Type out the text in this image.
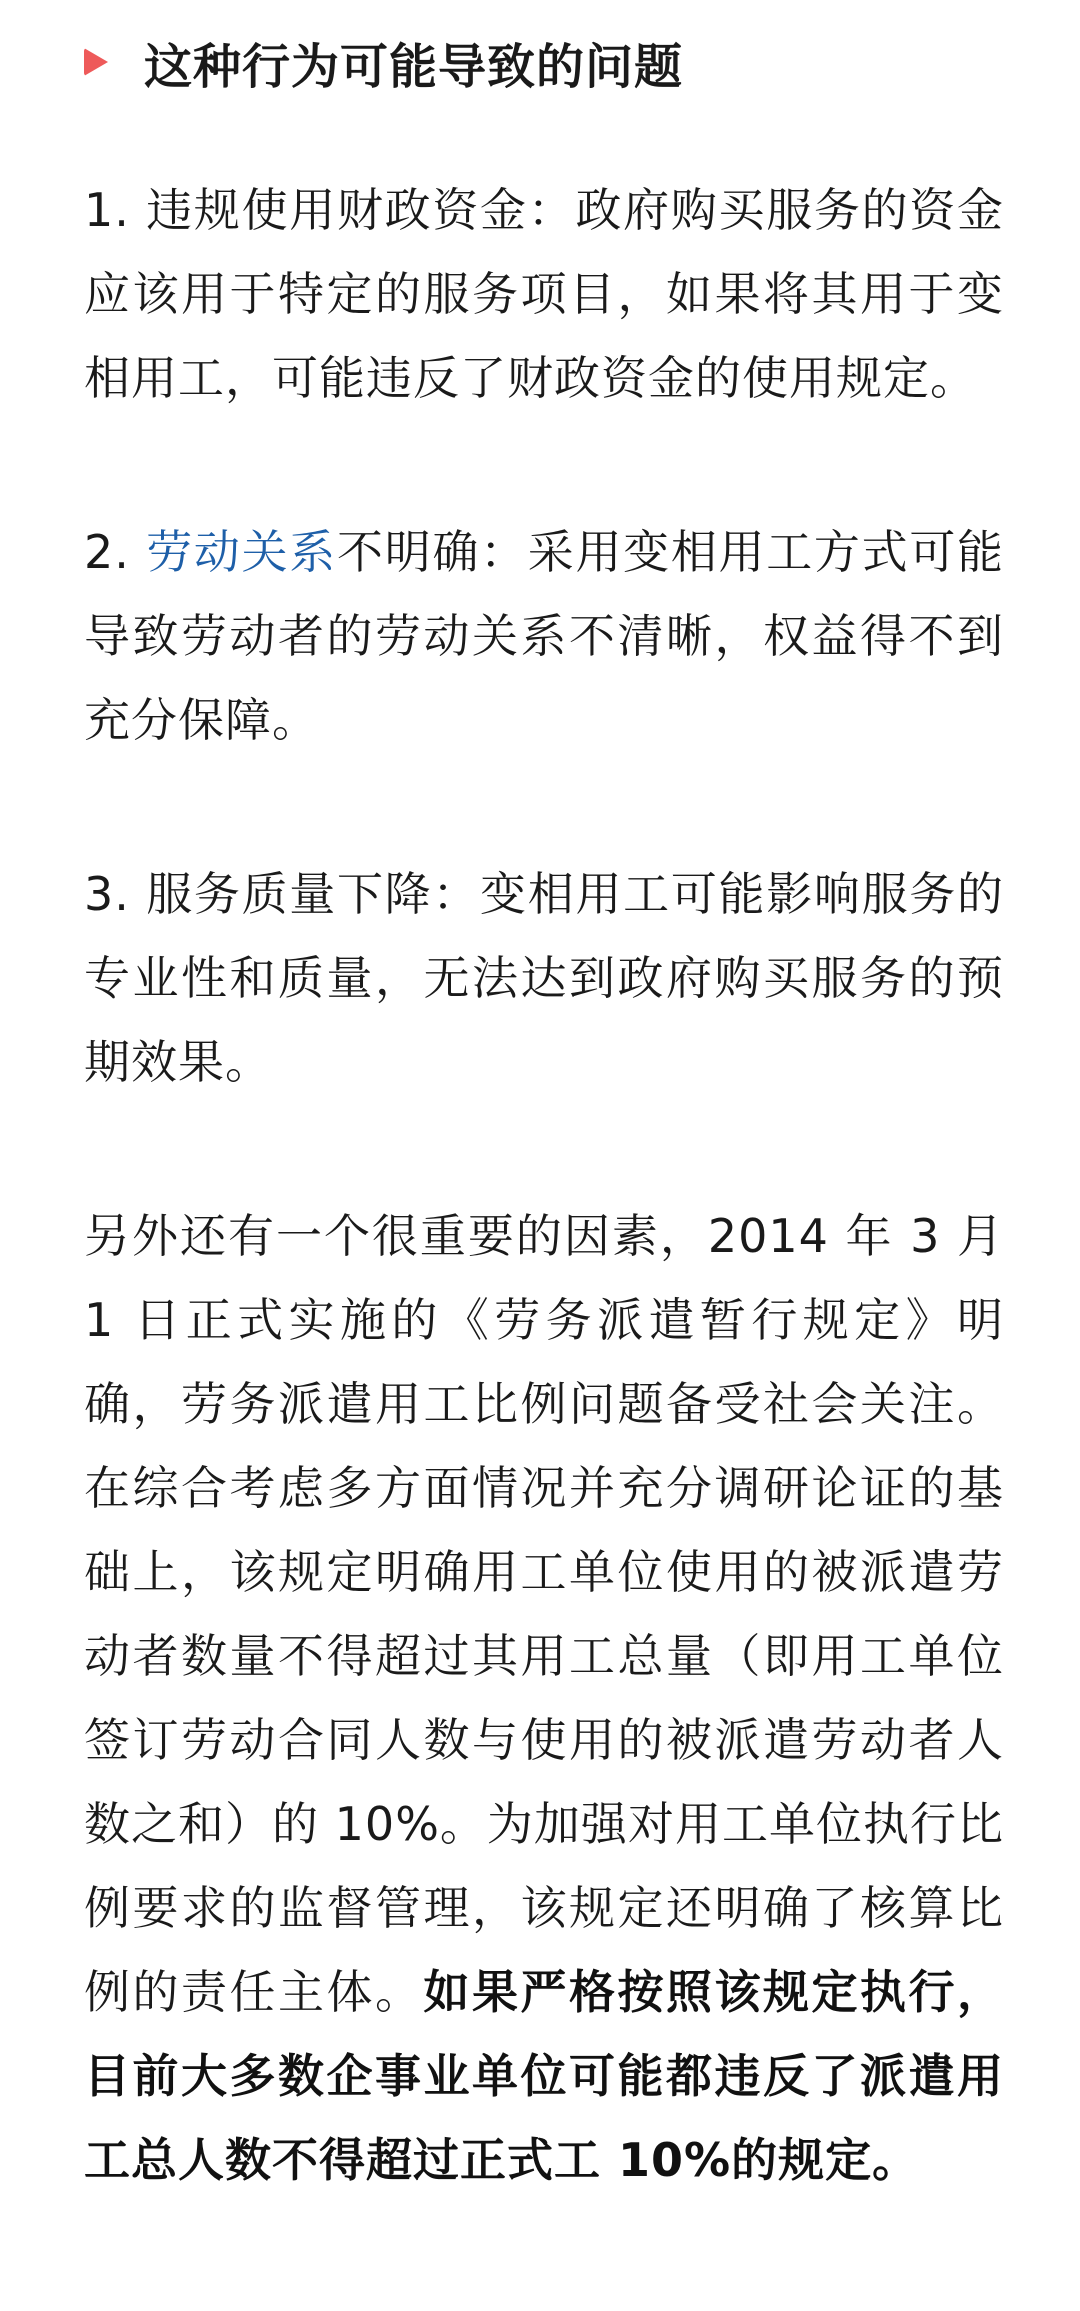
这种行为可能导致的问题

1. 违规使用财政资金：政府购买服务的资金应该用于特定的服务项目，如果将其用于变相用工，可能违反了财政资金的使用规定。

2. 劳动关系不明确：采用变相用工方式可能导致劳动者的劳动关系不清晰，权益得不到充分保障。

3. 服务质量下降：变相用工可能影响服务的专业性和质量，无法达到政府购买服务的预期效果。

另外还有一个很重要的因素，2014 年 3 月 1 日正式实施的《劳务派遣暂行规定》明确，劳务派遣用工比例问题备受社会关注。在综合考虑多方面情况并充分调研论证的基础上，该规定明确用工单位使用的被派遣劳动者数量不得超过其用工总量（即用工单位签订劳动合同人数与使用的被派遣劳动者人数之和）的 10%。为加强对用工单位执行比例要求的监督管理，该规定还明确了核算比例的责任主体。如果严格按照该规定执行，目前大多数企事业单位可能都违反了派遣用工总人数不得超过正式工 10%的规定。
